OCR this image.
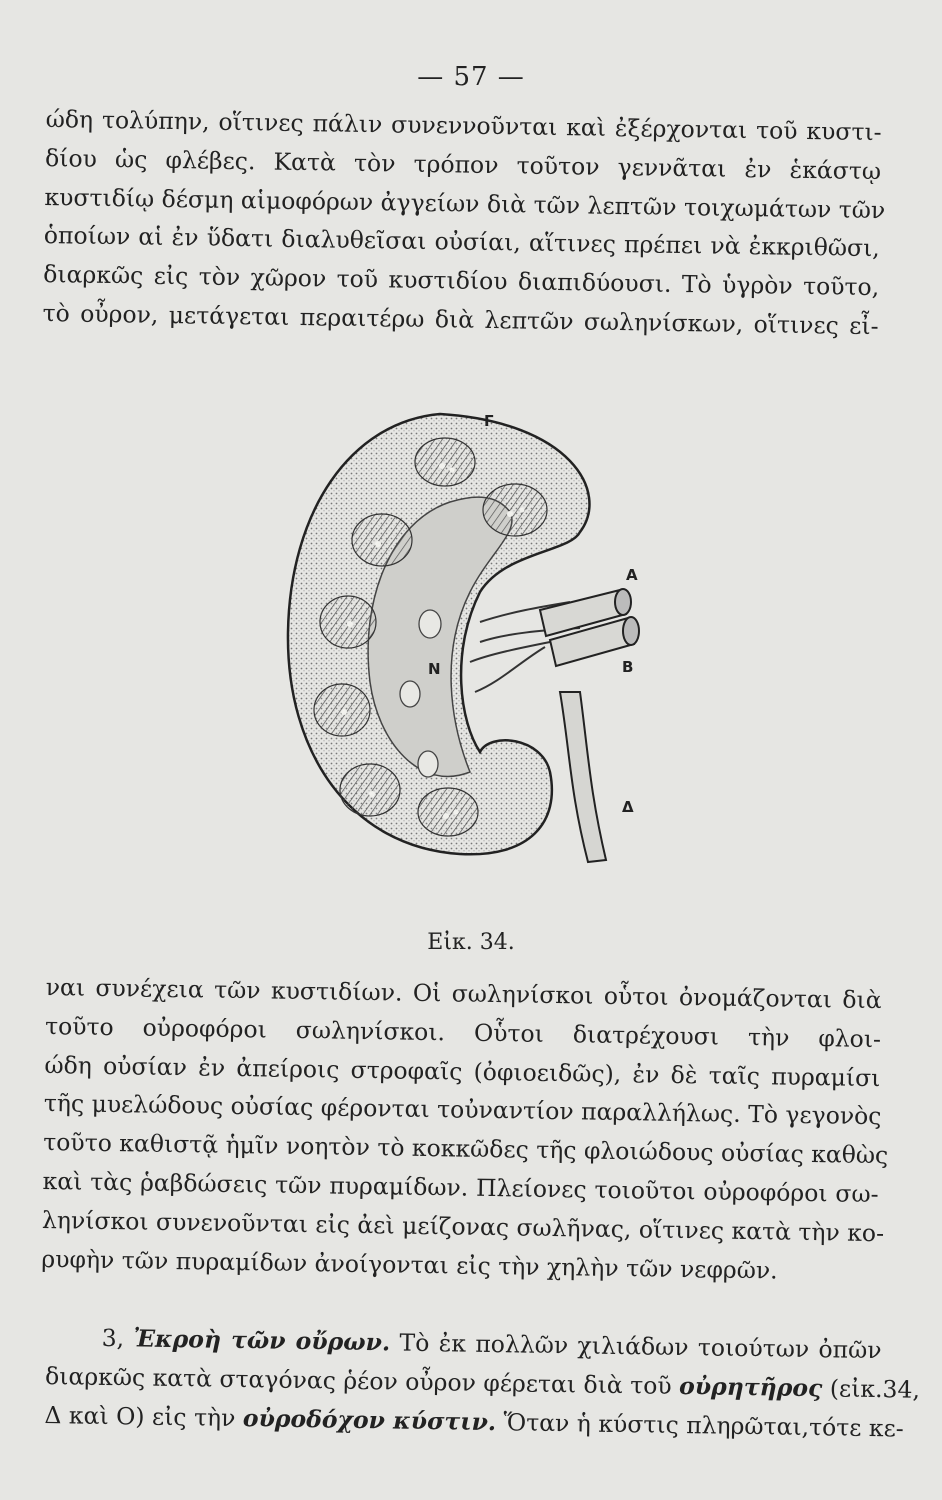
— 57 —
ώδη τολύπην, οἵτινες πάλιν συνεννοῦνται καὶ ἐξέρχονται τοῦ κυστι-
δίου ὡς φλέβες. Κατὰ τὸν τρόπον τοῦτον γεννᾶται ἐν ἑκάστῳ
κυστιδίῳ δέσμη αἱμοφόρων ἀγγείων διὰ τῶν λεπτῶν τοιχωμάτων τῶν
ὁποίων αἱ ἐν ὕδατι διαλυθεῖσαι οὐσίαι, αἵτινες πρέπει νὰ ἐκκριθῶσι,
διαρκῶς εἰς τὸν χῶρον τοῦ κυστιδίου διαπιδύουσι. Τὸ ὑγρὸν τοῦτο,
τὸ οὖρον, μετάγεται περαιτέρω διὰ λεπτῶν σωληνίσκων, οἵτινες εἶ-
Γ
Α
Β
N
Δ
Εἰκ. 34.
ναι συνέχεια τῶν κυστιδίων. Οἱ σωληνίσκοι οὗτοι ὀνομάζονται διὰ
τοῦτο οὐροφόροι σωληνίσκοι. Οὗτοι διατρέχουσι τὴν φλοι-
ώδη οὐσίαν ἐν ἀπείροις στροφαῖς (ὀφιοειδῶς), ἐν δὲ ταῖς πυραμίσι
τῆς μυελώδους οὐσίας φέρονται τοὐναντίον παραλλήλως. Τὸ γεγονὸς
τοῦτο καθιστᾷ ἡμῖν νοητὸν τὸ κοκκῶδες τῆς φλοιώδους οὐσίας καθὼς
καὶ τὰς ῥαβδώσεις τῶν πυραμίδων. Πλείονες τοιοῦτοι οὐροφόροι σω-
ληνίσκοι συνενοῦνται εἰς ἀεὶ μείζονας σωλῆνας, οἵτινες κατὰ τὴν κο-
ρυφὴν τῶν πυραμίδων ἀνοίγονται εἰς τὴν χηλὴν τῶν νεφρῶν.
3, Ἐκροὴ τῶν οὔρων. Τὸ ἐκ πολλῶν χιλιάδων τοιούτων ὀπῶν
διαρκῶς κατὰ σταγόνας ῥέον οὖρον φέρεται διὰ τοῦ οὐρητῆρος (εἰκ.34,
Δ καὶ Ο) εἰς τὴν οὐροδόχον κύστιν. Ὅταν ἡ κύστις πληρῶται,τότε κε-
